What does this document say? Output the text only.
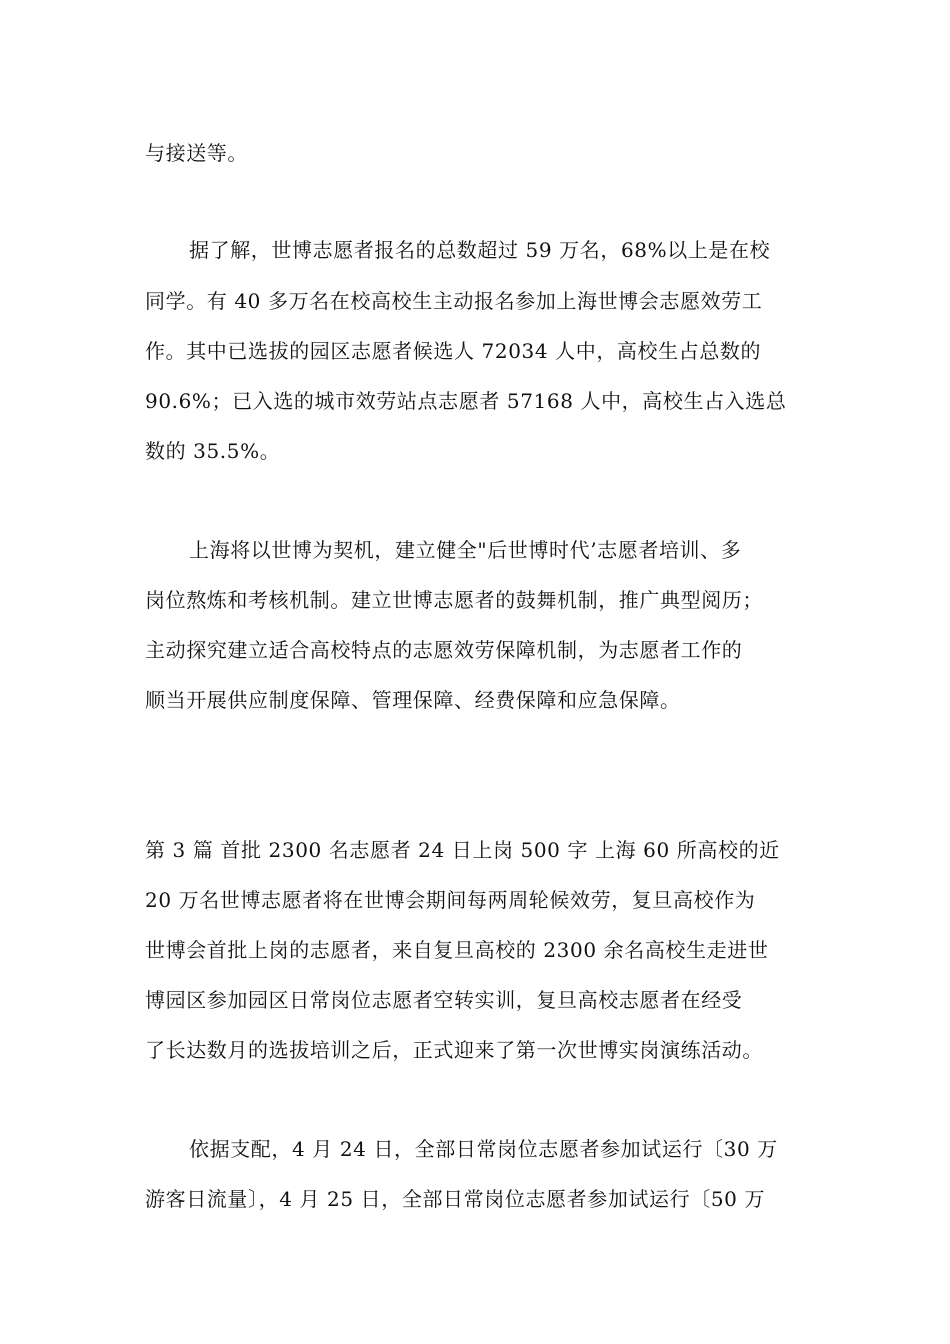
与接送等。
据了解，世博志愿者报名的总数超过 59 万名，68%以上是在校
同学。有 40 多万名在校高校生主动报名参加上海世博会志愿效劳工
作。其中已选拔的园区志愿者候选人 72034 人中，高校生占总数的
90.6%；已入选的城市效劳站点志愿者 57168 人中，高校生占入选总
数的 35.5%。
上海将以世博为契机，建立健全"后世博时代’志愿者培训、多
岗位熬炼和考核机制。建立世博志愿者的鼓舞机制，推广典型阅历；
主动探究建立适合高校特点的志愿效劳保障机制，为志愿者工作的
顺当开展供应制度保障、管理保障、经费保障和应急保障。
第 3 篇 首批 2300 名志愿者 24 日上岗 500 字 上海 60 所高校的近
20 万名世博志愿者将在世博会期间每两周轮候效劳，复旦高校作为
世博会首批上岗的志愿者，来自复旦高校的 2300 余名高校生走进世
博园区参加园区日常岗位志愿者空转实训，复旦高校志愿者在经受
了长达数月的选拔培训之后，正式迎来了第一次世博实岗演练活动。
依据支配，4 月 24 日，全部日常岗位志愿者参加试运行〔30 万
游客日流量〕，4 月 25 日，全部日常岗位志愿者参加试运行〔50 万
